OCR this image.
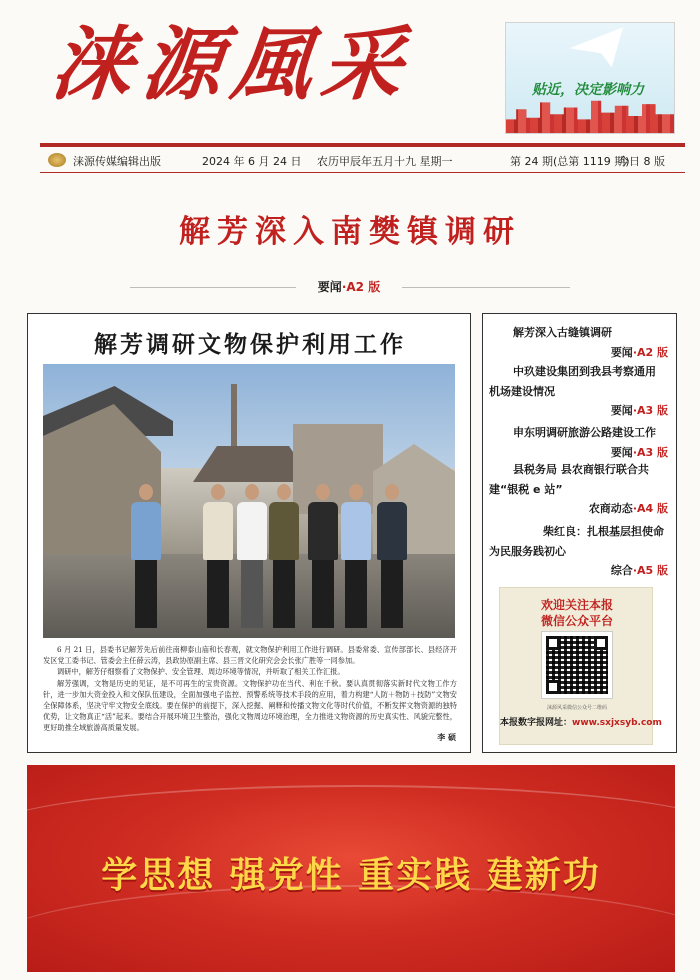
涞源風采	贴近，决定影响力
涞源传媒编辑出版	2024 年 6 月 24 日 农历甲辰年五月十九 星期一	第 24 期(总第 1119 期)
今日 8 版
解芳深入南樊镇调研
要闻·A2 版
解芳调研文物保护利用工作

6 月 21 日，县委书记解芳先后前往南柳泰山庙和长春观，就文物保护利用工作进行调研。县委常委、宣传部部长、县经济开发区党工委书记、管委会主任薛云涛，县政协原副主席、县三晋文化研究会会长张广胜等一同参加。

调研中，解芳仔细察看了文物保护、安全管理、周边环境等情况，并听取了相关工作汇报。

解芳强调，文物是历史的见证，是不可再生的宝贵资源。文物保护功在当代、利在千秋。要认真贯彻落实新时代文物工作方针，进一步加大资金投入和文保队伍建设，全面加强电子监控、预警系统等技术手段的应用，着力构建“人防＋物防＋技防”文物安全保障体系，坚决守牢文物安全底线。要在保护的前提下，深入挖掘、阐释和传播文物文化等时代价值，不断发挥文物资源的独特优势，让文物真正“活”起来。要结合开展环境卫生整治，强化文物周边环境治理，全力推进文物资源的历史真实性、风貌完整性，更好助推全域旅游高质量发展。

李 硕
解芳深入古缝镇调研
要闻·A2 版
中玖建设集团到我县考察通用机场建设情况
要闻·A3 版
申东明调研旅游公路建设工作
要闻·A3 版
县税务局 县农商银行联合共建“银税 e 站”
农商动态·A4 版
柴红良：扎根基层担使命 为民服务践初心
综合·A5 版
欢迎关注本报
微信公众平台
涞源风采微信公众号二维码
本报数字报网址：www.sxjxsyb.com
学思想 强党性 重实践 建新功
